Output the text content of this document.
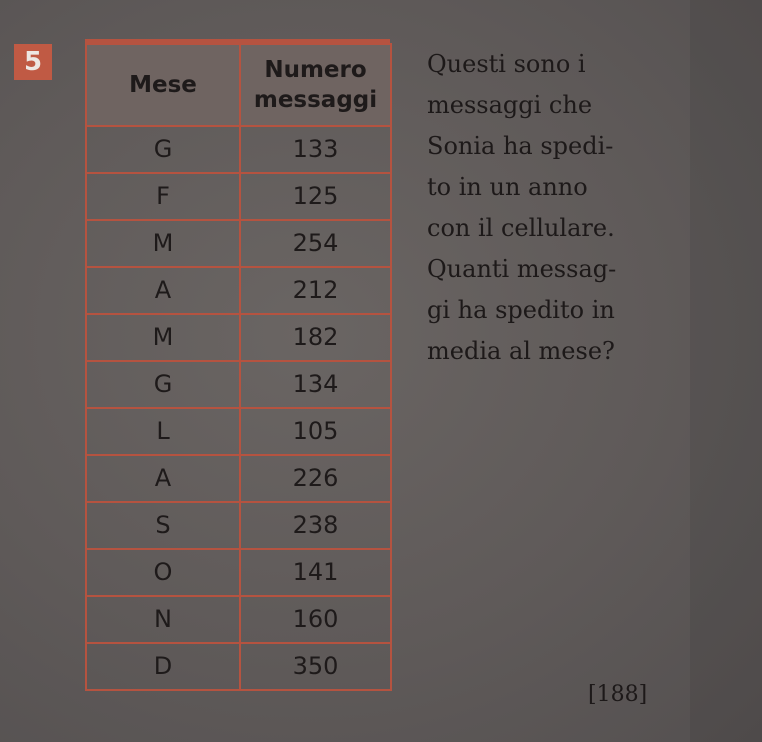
5
Mese	Numero messaggi
G	133
F	125
M	254
A	212
M	182
G	134
L	105
A	226
S	238
O	141
N	160
D	350
Questi sono i
messaggi che
Sonia ha spedi-
to in un anno
con il cellulare.
Quanti messag-
gi ha spedito in
media al mese?
[188]
